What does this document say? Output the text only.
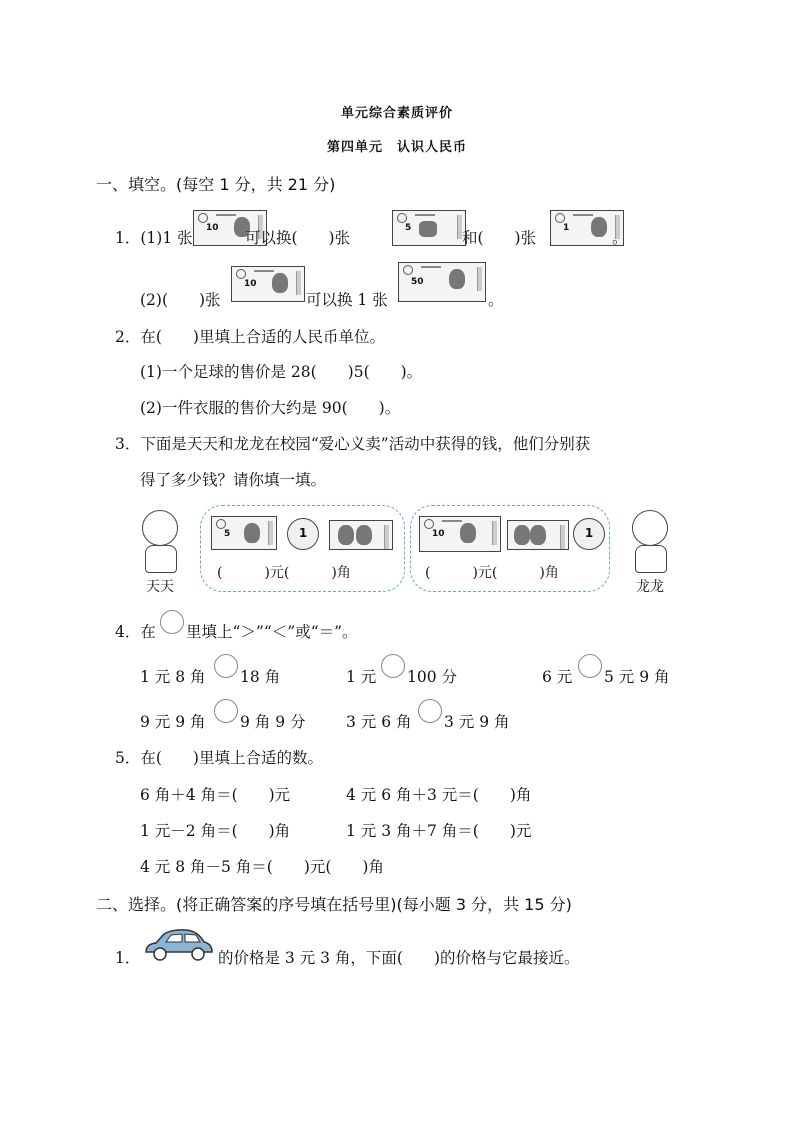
单元综合素质评价
第四单元　认识人民币
一、填空。(每空 1 分，共 21 分)
1．(1)1 张
10
可以换(　　)张
5
和(　　)张
1
。
(2)(　　)张
10
可以换 1 张
50
。
2．在(　　)里填上合适的人民币单位。
(1)一个足球的售价是 28(　　)5(　　)。
(2)一件衣服的售价大约是 90(　　)。
3．下面是天天和龙龙在校园“爱心义卖”活动中获得的钱，他们分别获
得了多少钱？请你填一填。
天天
5	1
(　　　)元(　　　)角
10	1
(　　　)元(　　　)角
龙龙
4．在 里填上“＞”“＜”或“＝”。
1 元 8 角 18 角	1 元 100 分	6 元 5 元 9 角
9 元 9 角 9 角 9 分	3 元 6 角 3 元 9 角
5．在(　　)里填上合适的数。
6 角＋4 角＝(　　)元	4 元 6 角＋3 元＝(　　)角
1 元－2 角＝(　　)角	1 元 3 角＋7 角＝(　　)元
4 元 8 角－5 角＝(　　)元(　　)角
二、选择。(将正确答案的序号填在括号里)(每小题 3 分，共 15 分)
1．	的价格是 3 元 3 角，下面(　　)的价格与它最接近。
